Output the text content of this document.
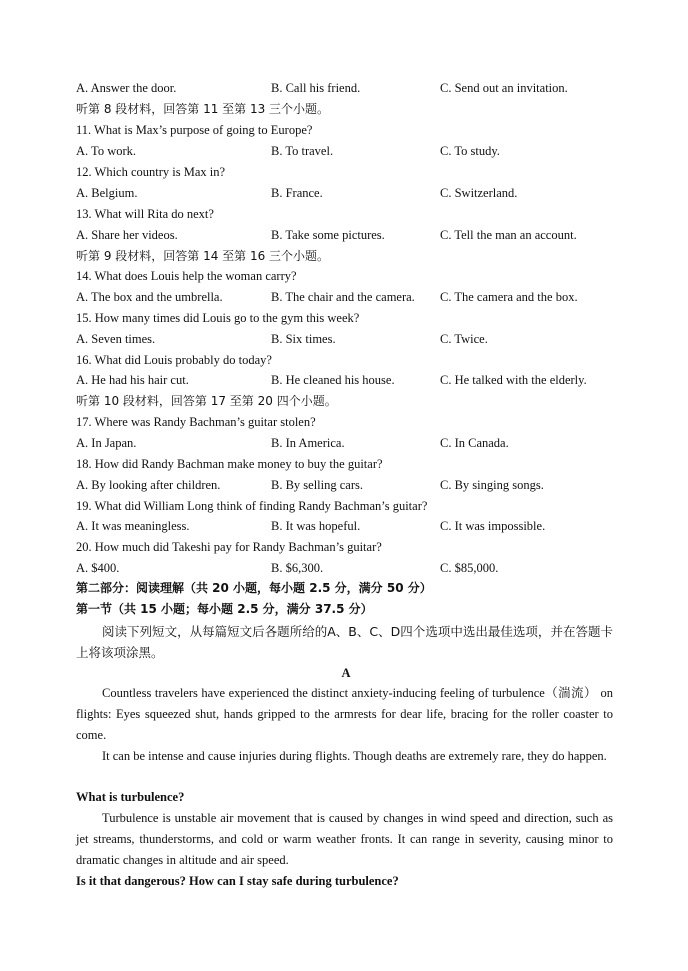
A. Answer the door.	B. Call his friend.	C. Send out an invitation.
听第 8 段材料，回答第 11 至第 13 三个小题。
11. What is Max’s purpose of going to Europe?
A. To work.	B. To travel.	C. To study.
12. Which country is Max in?
A. Belgium.	B. France.	C. Switzerland.
13. What will Rita do next?
A. Share her videos.	B. Take some pictures.	C. Tell the man an account.
听第 9 段材料，回答第 14 至第 16 三个小题。
14. What does Louis help the woman carry?
A. The box and the umbrella.	B. The chair and the camera. C. The camera and the box.
15. How many times did Louis go to the gym this week?
A. Seven times.	B. Six times.	C. Twice.
16. What did Louis probably do today?
A. He had his hair cut.	B. He cleaned his house.	C. He talked with the elderly.
听第 10 段材料，回答第 17 至第 20 四个小题。
17. Where was Randy Bachman’s guitar stolen?
A. In Japan.	B. In America.	C. In Canada.
18. How did Randy Bachman make money to buy the guitar?
A. By looking after children.	B. By selling cars.	C. By singing songs.
19. What did William Long think of finding Randy Bachman’s guitar?
A. It was meaningless.	B. It was hopeful.	C. It was impossible.
20. How much did Takeshi pay for Randy Bachman’s guitar?
A. $400.	B. $6,300.	C. $85,000.
第二部分：阅读理解（共 20 小题，每小题 2.5 分，满分 50 分）
第一节（共 15 小题；每小题 2.5 分，满分 37.5 分）
阅读下列短文，从每篇短文后各题所给的A、B、C、D四个选项中选出最佳选项，并在答题卡上将该项涂黑。
A
Countless travelers have experienced the distinct anxiety-inducing feeling of turbulence（湍流） on flights: Eyes squeezed shut, hands gripped to the armrests for dear life, bracing for the roller coaster to come.
It can be intense and cause injuries during flights. Though deaths are extremely rare, they do happen.
What is turbulence?
Turbulence is unstable air movement that is caused by changes in wind speed and direction, such as jet streams, thunderstorms, and cold or warm weather fronts. It can range in severity, causing minor to dramatic changes in altitude and air speed.
Is it that dangerous? How can I stay safe during turbulence?
